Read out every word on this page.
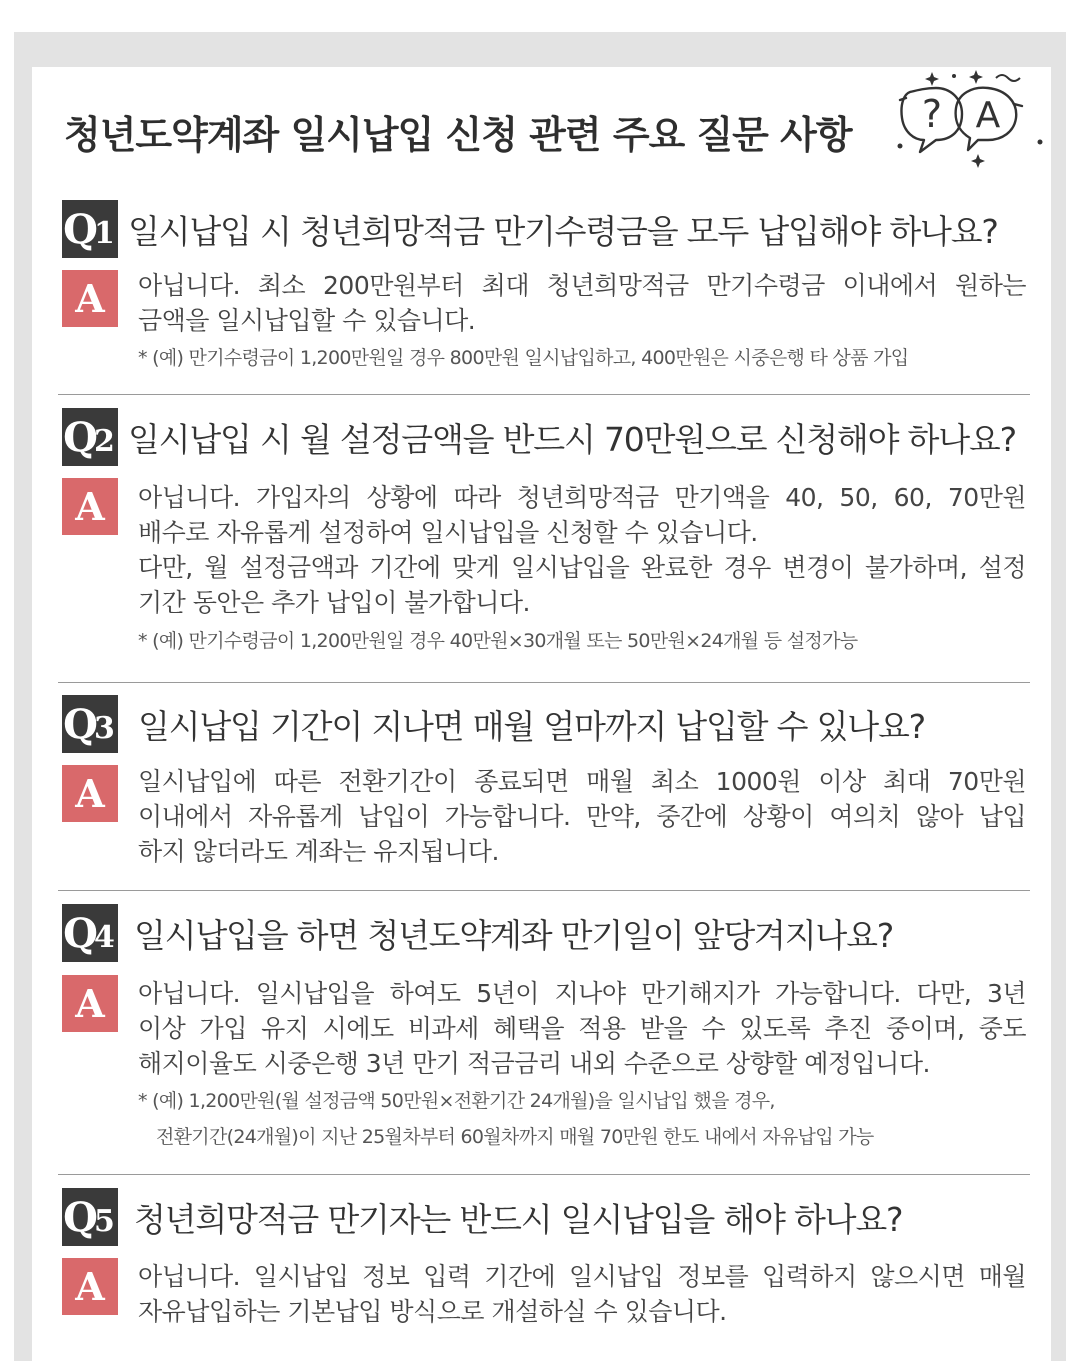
청년도약계좌 일시납입 신청 관련 주요 질문 사항 ? A
Q 1 일시납입 시 청년희망적금 만기수령금을 모두 납입해야 하나요?
A	아닙니다. 최소 200만원부터 최대 청년희망적금 만기수령금 이내에서 원하는
금액을 일시납입할 수 있습니다.
* (예) 만기수령금이 1,200만원일 경우 800만원 일시납입하고, 400만원은 시중은행 타 상품 가입
Q 2 일시납입 시 월 설정금액을 반드시 70만원으로 신청해야 하나요?
A	아닙니다. 가입자의 상황에 따라 청년희망적금 만기액을 40, 50, 60, 70만원
배수로 자유롭게 설정하여 일시납입을 신청할 수 있습니다.
다만, 월 설정금액과 기간에 맞게 일시납입을 완료한 경우 변경이 불가하며, 설정
기간 동안은 추가 납입이 불가합니다.
* (예) 만기수령금이 1,200만원일 경우 40만원×30개월 또는 50만원×24개월 등 설정가능
Q 3 일시납입 기간이 지나면 매월 얼마까지 납입할 수 있나요?
A	일시납입에 따른 전환기간이 종료되면 매월 최소 1000원 이상 최대 70만원
이내에서 자유롭게 납입이 가능합니다. 만약, 중간에 상황이 여의치 않아 납입
하지 않더라도 계좌는 유지됩니다.
Q 4 일시납입을 하면 청년도약계좌 만기일이 앞당겨지나요?
A	아닙니다. 일시납입을 하여도 5년이 지나야 만기해지가 가능합니다. 다만, 3년
이상 가입 유지 시에도 비과세 혜택을 적용 받을 수 있도록 추진 중이며, 중도
해지이율도 시중은행 3년 만기 적금금리 내외 수준으로 상향할 예정입니다.
* (예) 1,200만원(월 설정금액 50만원×전환기간 24개월)을 일시납입 했을 경우,
전환기간(24개월)이 지난 25월차부터 60월차까지 매월 70만원 한도 내에서 자유납입 가능
Q 5 청년희망적금 만기자는 반드시 일시납입을 해야 하나요?
A	아닙니다. 일시납입 정보 입력 기간에 일시납입 정보를 입력하지 않으시면 매월
자유납입하는 기본납입 방식으로 개설하실 수 있습니다.
